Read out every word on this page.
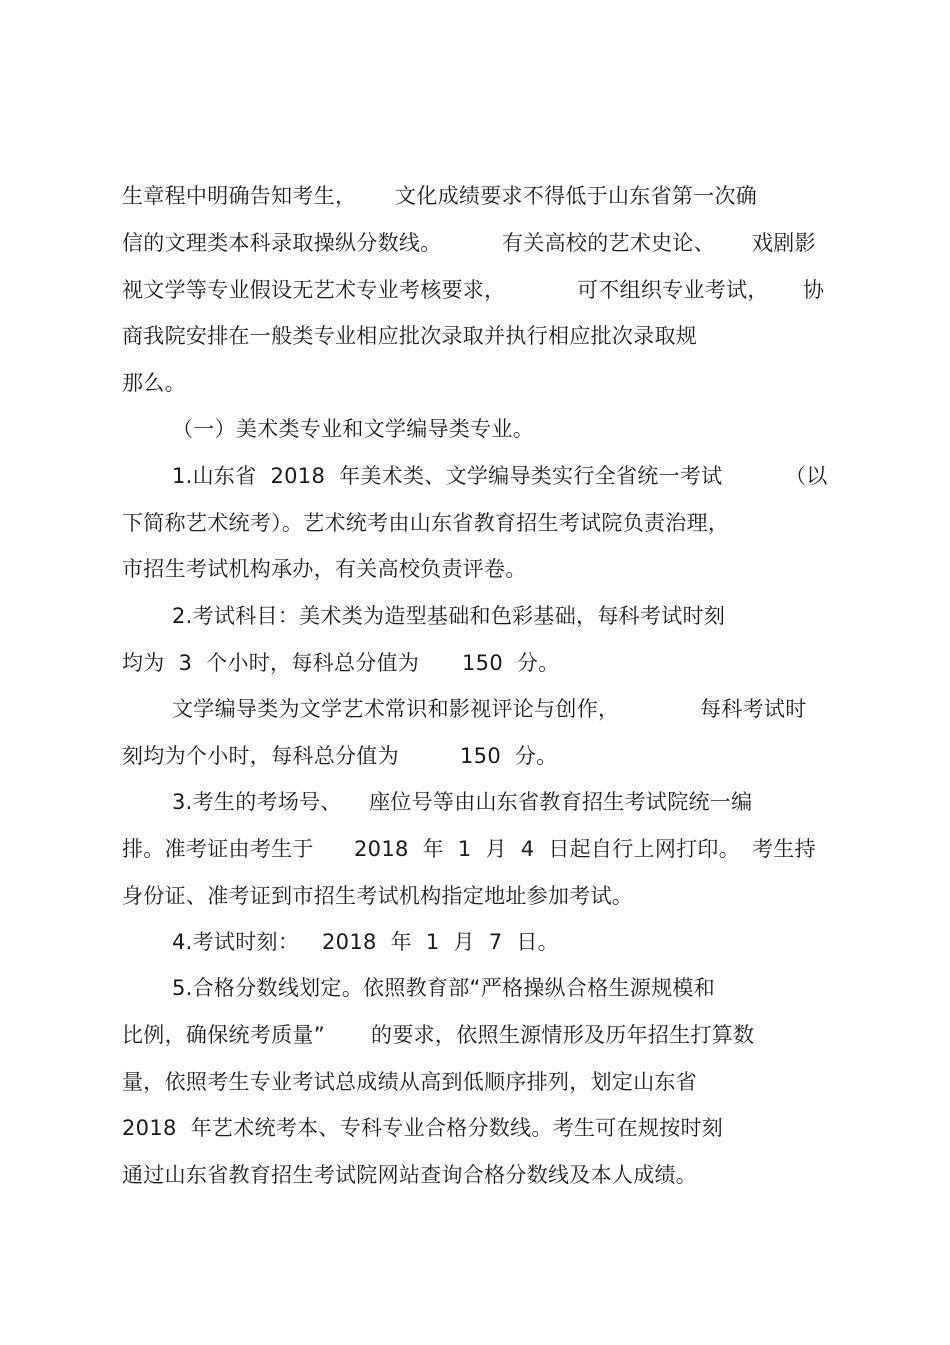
生章程中明确告知考生，

文化成绩要求不得低于山东省第一次确

信的文理类本科录取操纵分数线。

	有关高校的艺术史论、

戏剧影

视文学等专业假设无艺术专业考核要求，

	可不组织专业考试，

协

商我院安排在一般类专业相应批次录取并执行相应批次录取规

那么。

（一）美术类专业和文学编导类专业。

1.山东省  2018  年美术类、文学编导类实行全省统一考试

	（以

下简称艺术统考）。艺术统考由山东省教育招生考试院负责治理，

市招生考试机构承办，有关高校负责评卷。

2.考试科目：美术类为造型基础和色彩基础，每科考试时刻

均为  3  个小时，每科总分值为

150  分。

文学编导类为文学艺术常识和影视评论与创作，

	每科考试时

刻均为个小时，每科总分值为

	150  分。

3.考生的考场号、

座位号等由山东省教育招生考试院统一编

排。准考证由考生于

2018  年  1  月  4  日起自行上网打印。

考生持

身份证、准考证到市招生考试机构指定地址参加考试。

4.考试时刻：

2018  年  1  月  7  日。

5.合格分数线划定。依照教育部“严格操纵合格生源规模和

比例，确保统考质量”

的要求，依照生源情形及历年招生打算数

量，依照考生专业考试总成绩从高到低顺序排列，划定山东省

2018  年艺术统考本、专科专业合格分数线。考生可在规按时刻

通过山东省教育招生考试院网站查询合格分数线及本人成绩。
